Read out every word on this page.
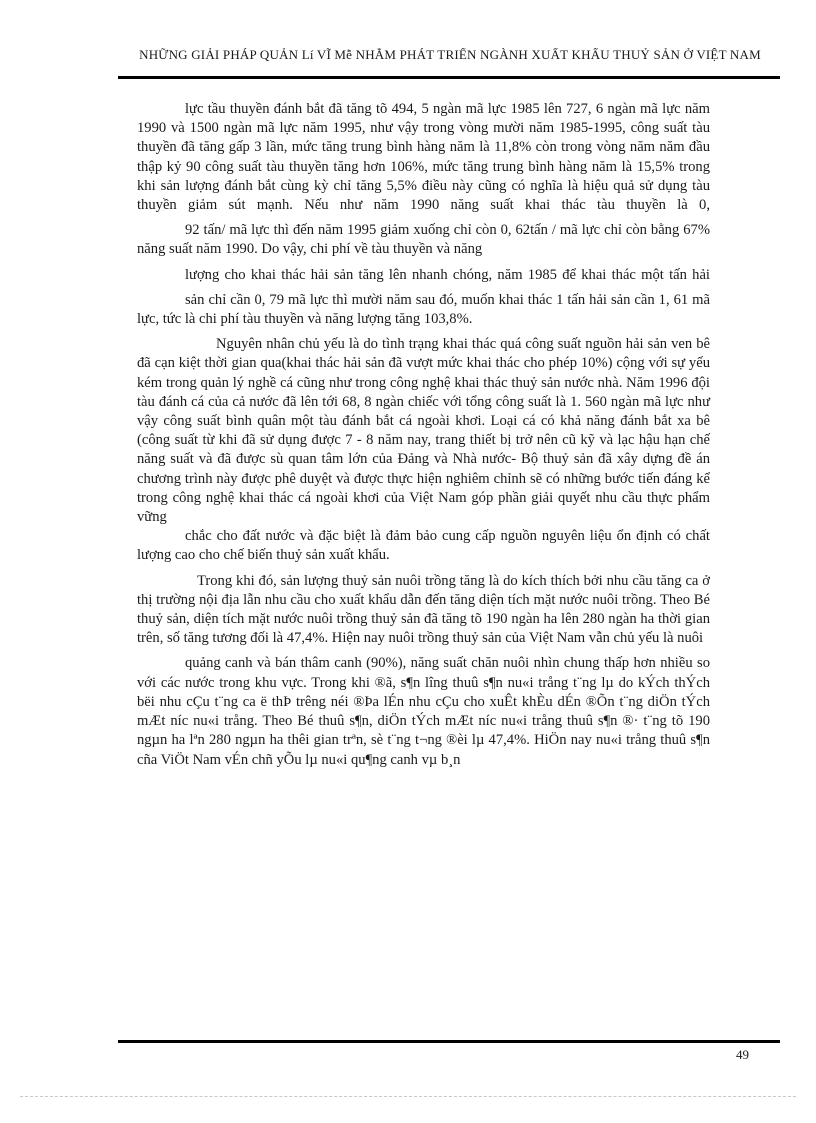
NHỮNG GIẢI PHÁP QUẢN Lí VĨ Mễ NHẰM PHÁT TRIỂN NGÀNH XUẤT KHẨU THUỶ SẢN Ở VIỆT NAM

lực tầu thuyền đánh bắt đã tăng tõ 494, 5 ngàn mã lực 1985 lên 727, 6 ngàn mã lực năm 1990 và 1500 ngàn mã lực năm 1995, như vậy trong vòng mười năm 1985-1995, công suất tàu thuyền đã tăng gấp 3 lần, mức tăng trung bình hàng năm là 11,8% còn trong vòng năm năm đầu thập kỷ 90 công suất tàu thuyền tăng hơn 106%, mức tăng trung bình hàng năm là 15,5% trong khi sản lượng đánh bắt cùng kỳ chỉ tăng 5,5% điều này cũng có nghĩa là hiệu quả sử dụng tàu thuyền giảm sút mạnh. Nếu như năm 1990 năng suất khai thác tàu thuyền là 0,

92 tấn/ mã lực thì đến năm 1995 giảm xuống chỉ còn 0, 62tấn / mã lực chỉ còn bằng 67% năng suất năm 1990. Do vậy, chi phí về tàu thuyền và năng

lượng cho khai thác hải sản tăng lên nhanh chóng, năm 1985 để khai thác một tấn hải

sản chỉ cần 0, 79 mã lực thì mười năm sau đó, muốn khai thác 1 tấn hải sản cần 1, 61 mã lực, tức là chi phí tàu thuyền và năng lượng tăng 103,8%.

Nguyên nhân chủ yếu là do tình trạng khai thác quá công suất nguồn hải sản ven bê đã cạn kiệt thời gian qua(khai thác hải sản đã vượt mức khai thác cho phép 10%) cộng với sự yếu kém trong quản lý nghề cá cũng như trong công nghệ khai thác thuỷ sản nước nhà. Năm 1996 đội tàu đánh cá của cả nước đã lên tới 68, 8 ngàn chiếc với tổng công suất là 1. 560 ngàn mã lực như vậy công suất bình quân một tàu đánh bắt cá ngoài khơi. Loại cá có khả năng đánh bắt xa bê (công suất từ khi đã sử dụng được 7 - 8 năm nay, trang thiết bị trở nên cũ kỹ và lạc hậu hạn chế năng suất và đã được sù quan tâm lớn của Đảng và Nhà nước- Bộ thuỷ sản đã xây dựng đề án chương trình này được phê duyệt và được thực hiện nghiêm chỉnh sẽ có những bước tiến đáng kể trong công nghệ khai thác cá ngoài khơi của Việt Nam góp phần giải quyết nhu cầu thực phẩm vững

chắc cho đất nước và đặc biệt là đảm bảo cung cấp nguồn nguyên liệu ổn định có chất lượng cao cho chế biến thuỷ sản xuất khẩu.

Trong khi đó, sản lượng thuỷ sản nuôi trồng tăng là do kích thích bởi nhu cầu tăng ca ở thị trường nội địa lẫn nhu cầu cho xuất khẩu dẫn đến tăng diện tích mặt nước nuôi trồng. Theo Bé thuỷ sản, diện tích mặt nước nuôi trồng thuỷ sản đã tăng tõ 190 ngàn ha lên 280 ngàn ha thời gian trên, số tăng tương đối là 47,4%. Hiện nay nuôi trồng thuỷ sản của Việt Nam vẫn chủ yếu là nuôi

quảng canh và bán thâm canh (90%), năng suất chăn nuôi nhìn chung thấp hơn nhiều so với các nước trong khu vực. Trong khi ®ã, s¶n lîng thuû s¶n nu«i trång t¨ng lµ do kÝch thÝch bëi nhu cÇu t¨ng ca ë thÞ trêng néi ®Þa lÉn nhu cÇu cho xuÊt khÈu dÉn ®Õn t¨ng diÖn tÝch mÆt níc nu«i trång. Theo Bé thuû s¶n, diÖn tÝch mÆt níc nu«i trång thuû s¶n ®· t¨ng tõ 190 ngµn ha lªn 280 ngµn ha thêi gian trªn, sè t¨ng t¬ng ®èi lµ 47,4%. HiÖn nay nu«i trång thuû s¶n cña ViÖt Nam vÉn chñ yÕu lµ nu«i qu¶ng canh vµ b¸n

49
